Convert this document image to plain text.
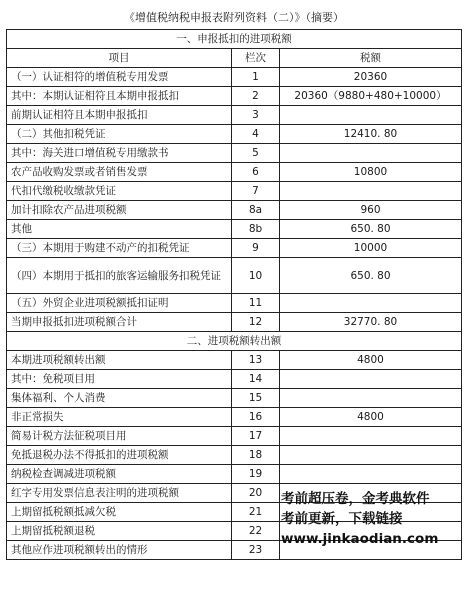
《增值税纳税申报表附列资料（二）》（摘要）
一、申报抵扣的进项税额		
项目	栏次	税额
（一）认证相符的增值税专用发票	1	20360
其中：本期认证相符且本期申报抵扣	2	20360（9880+480+10000）
前期认证相符且本期申报抵扣	3	
（二）其他扣税凭证	4	12410. 80
其中：海关进口增值税专用缴款书	5	
农产品收购发票或者销售发票	6	10800
代扣代缴税收缴款凭证	7	
加计扣除农产品进项税额	8a	960
其他	8b	650. 80
（三）本期用于购建不动产的扣税凭证	9	10000
（四）本期用于抵扣的旅客运输服务扣税凭证	10	650. 80
（五）外贸企业进项税额抵扣证明	11	
当期申报抵扣进项税额合计	12	32770. 80
二、进项税额转出额		
本期进项税额转出额	13	4800
其中：免税项目用	14	
集体福利、个人消费	15	
非正常损失	16	4800
简易计税方法征税项目用	17	
免抵退税办法不得抵扣的进项税额	18	
纳税检查调减进项税额	19	
红字专用发票信息表注明的进项税额	20	
上期留抵税额抵减欠税	21	
上期留抵税额退税	22	
其他应作进项税额转出的情形	23	
考前超压卷，金考典软件
考前更新，下载链接
www.jinkaodian.com
